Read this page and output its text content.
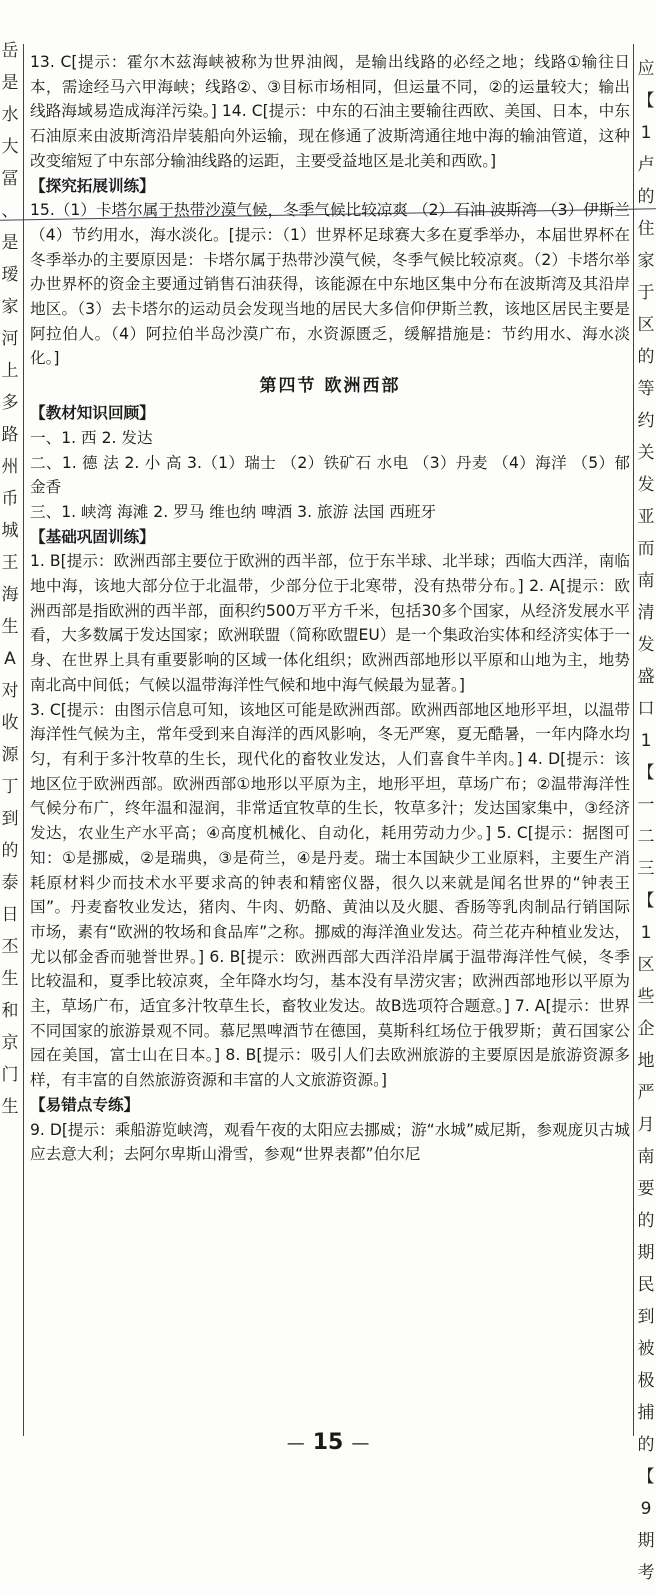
岳
是
水
大
冨
、
是
瑷
家
河
上
多
路
州
币
城
王
海
生
A
对
收
源
丁
到
的
泰
日
丕
生
和
京
门
生
应
【
1
卢
的
住
家
于
区
的
等
约
关
发
亚
而
南
清
发
盛
口
1
【
一
二
三
【
1
区
些
企
地
严
月
南
要
的
期
民
到
被
极
捕
的
【
9
期
考

13. C[提示：霍尔木兹海峡被称为世界油阀，是输出线路的必经之地；线路①输往日本，需途经马六甲海峡；线路②、③目标市场相同，但运量不同，②的运量较大；输出线路海域易造成海洋污染。] 14. C[提示：中东的石油主要输往西欧、美国、日本，中东石油原来由波斯湾沿岸装船向外运输，现在修通了波斯湾通往地中海的输油管道，这种改变缩短了中东部分输油线路的运距，主要受益地区是北美和西欧。]

【探究拓展训练】

15.（1）卡塔尔属于热带沙漠气候，冬季气候比较凉爽 （2）石油 波斯湾 （3）伊斯兰 （4）节约用水，海水淡化。[提示：（1）世界杯足球赛大多在夏季举办，本届世界杯在冬季举办的主要原因是：卡塔尔属于热带沙漠气候，冬季气候比较凉爽。（2）卡塔尔举办世界杯的资金主要通过销售石油获得，该能源在中东地区集中分布在波斯湾及其沿岸地区。（3）去卡塔尔的运动员会发现当地的居民大多信仰伊斯兰教，该地区居民主要是阿拉伯人。（4）阿拉伯半岛沙漠广布，水资源匮乏，缓解措施是：节约用水、海水淡化。]

第四节 欧洲西部

【教材知识回顾】

一、1. 西 2. 发达

二、1. 德 法 2. 小 高 3.（1）瑞士 （2）铁矿石 水电 （3）丹麦 （4）海洋 （5）郁金香

三、1. 峡湾 海滩 2. 罗马 维也纳 啤酒 3. 旅游 法国 西班牙

【基础巩固训练】

1. B[提示：欧洲西部主要位于欧洲的西半部，位于东半球、北半球；西临大西洋，南临地中海，该地大部分位于北温带，少部分位于北寒带，没有热带分布。] 2. A[提示：欧洲西部是指欧洲的西半部，面积约500万平方千米，包括30多个国家，从经济发展水平看，大多数属于发达国家；欧洲联盟（简称欧盟EU）是一个集政治实体和经济实体于一身、在世界上具有重要影响的区域一体化组织；欧洲西部地形以平原和山地为主，地势南北高中间低；气候以温带海洋性气候和地中海气候最为显著。]

3. C[提示：由图示信息可知，该地区可能是欧洲西部。欧洲西部地区地形平坦，以温带海洋性气候为主，常年受到来自海洋的西风影响，冬无严寒，夏无酷暑，一年内降水均匀，有利于多汁牧草的生长，现代化的畜牧业发达，人们喜食牛羊肉。] 4. D[提示：该地区位于欧洲西部。欧洲西部①地形以平原为主，地形平坦，草场广布；②温带海洋性气候分布广，终年温和湿润，非常适宜牧草的生长，牧草多汁；发达国家集中，③经济发达，农业生产水平高；④高度机械化、自动化，耗用劳动力少。] 5. C[提示：据图可知：①是挪威，②是瑞典，③是荷兰，④是丹麦。瑞士本国缺少工业原料，主要生产消耗原材料少而技术水平要求高的钟表和精密仪器，很久以来就是闻名世界的“钟表王国”。丹麦畜牧业发达，猪肉、牛肉、奶酪、黄油以及火腿、香肠等乳肉制品行销国际市场，素有“欧洲的牧场和食品库”之称。挪威的海洋渔业发达。荷兰花卉种植业发达，尤以郁金香而驰誉世界。] 6. B[提示：欧洲西部大西洋沿岸属于温带海洋性气候，冬季比较温和，夏季比较凉爽，全年降水均匀，基本没有旱涝灾害；欧洲西部地形以平原为主，草场广布，适宜多汁牧草生长，畜牧业发达。故B选项符合题意。] 7. A[提示：世界不同国家的旅游景观不同。慕尼黑啤酒节在德国，莫斯科红场位于俄罗斯；黄石国家公园在美国，富士山在日本。] 8. B[提示：吸引人们去欧洲旅游的主要原因是旅游资源多样，有丰富的自然旅游资源和丰富的人文旅游资源。]

【易错点专练】

9. D[提示：乘船游览峡湾，观看午夜的太阳应去挪威；游“水城”威尼斯，参观庞贝古城应去意大利；去阿尔卑斯山滑雪，参观“世界表都”伯尔尼

— 15 —
